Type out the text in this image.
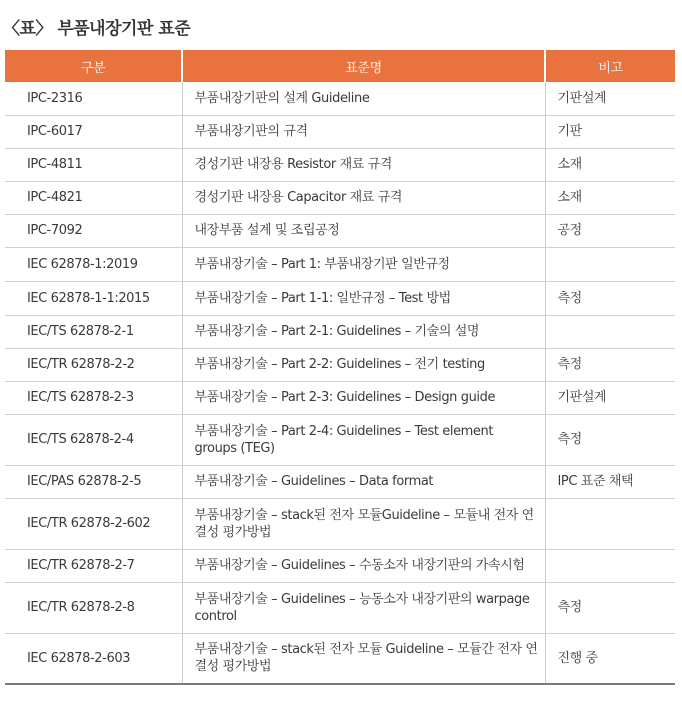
〈표〉 부품내장기판 표준
구분	표준명	비고
IPC-2316	부품내장기판의 설계 Guideline	기판설계
IPC-6017	부품내장기판의 규격	기판
IPC-4811	경성기판 내장용 Resistor 재료 규격	소재
IPC-4821	경성기판 내장용 Capacitor 재료 규격	소재
IPC-7092	내장부품 설계 및 조립공정	공정
IEC 62878-1:2019	부품내장기술 – Part 1: 부품내장기판 일반규정	
IEC 62878-1-1:2015	부품내장기술 – Part 1-1: 일반규정 – Test 방법	측정
IEC/TS 62878-2-1	부품내장기술 – Part 2-1: Guidelines – 기술의 설명	
IEC/TR 62878-2-2	부품내장기술 – Part 2-2: Guidelines – 전기 testing	측정
IEC/TS 62878-2-3	부품내장기술 – Part 2-3: Guidelines – Design guide	기판설계
IEC/TS 62878-2-4	부품내장기술 – Part 2-4: Guidelines – Test element groups (TEG)	측정
IEC/PAS 62878-2-5	부품내장기술 – Guidelines – Data format	IPC 표준 채택
IEC/TR 62878-2-602	부품내장기술 – stack된 전자 모듈Guideline – 모듈내 전자 연결성 평가방법	
IEC/TR 62878-2-7	부품내장기술 – Guidelines – 수동소자 내장기판의 가속시험	
IEC/TR 62878-2-8	부품내장기술 – Guidelines – 능동소자 내장기판의 warpage control	측정
IEC 62878-2-603	부품내장기술 – stack된 전자 모듈 Guideline – 모듈간 전자 연결성 평가방법	진행 중
